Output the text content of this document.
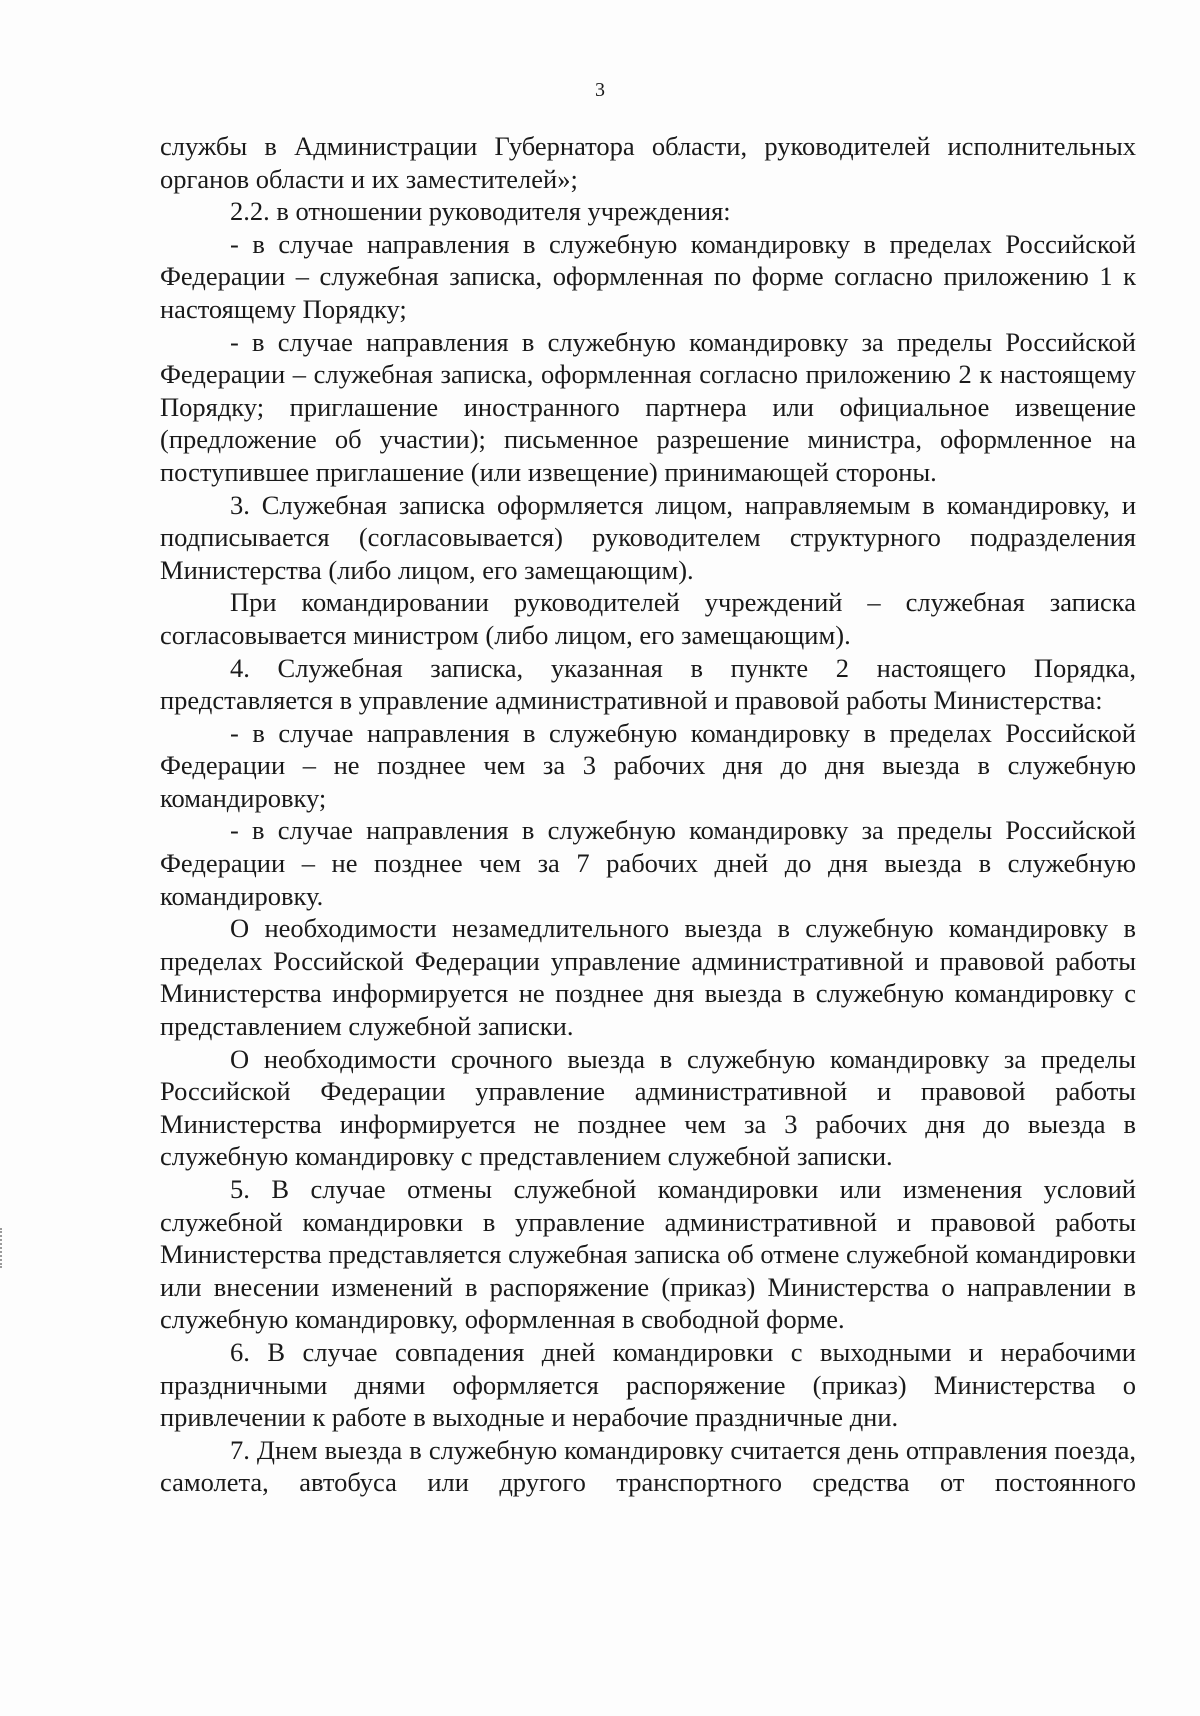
3

службы в Администрации Губернатора области, руководителей исполнительных органов области и их заместителей»;

2.2. в отношении руководителя учреждения:

- в случае направления в служебную командировку в пределах Российской Федерации – служебная записка, оформленная по форме согласно приложению 1 к настоящему Порядку;

- в случае направления в служебную командировку за пределы Российской Федерации – служебная записка, оформленная согласно приложению 2 к настоящему Порядку; приглашение иностранного партнера или официальное извещение (предложение об участии); письменное разрешение министра, оформленное на поступившее приглашение (или извещение) принимающей стороны.

3. Служебная записка оформляется лицом, направляемым в командировку, и подписывается (согласовывается) руководителем структурного подразделения Министерства (либо лицом, его замещающим).

При командировании руководителей учреждений – служебная записка согласовывается министром (либо лицом, его замещающим).

4. Служебная записка, указанная в пункте 2 настоящего Порядка, представляется в управление административной и правовой работы Министерства:

- в случае направления в служебную командировку в пределах Российской Федерации – не позднее чем за 3 рабочих дня до дня выезда в служебную командировку;

- в случае направления в служебную командировку за пределы Российской Федерации – не позднее чем за 7 рабочих дней до дня выезда в служебную командировку.

О необходимости незамедлительного выезда в служебную командировку в пределах Российской Федерации управление административной и правовой работы Министерства информируется не позднее дня выезда в служебную командировку с представлением служебной записки.

О необходимости срочного выезда в служебную командировку за пределы Российской Федерации управление административной и правовой работы Министерства информируется не позднее чем за 3 рабочих дня до выезда в служебную командировку с представлением служебной записки.

5. В случае отмены служебной командировки или изменения условий служебной командировки в управление административной и правовой работы Министерства представляется служебная записка об отмене служебной командировки или внесении изменений в распоряжение (приказ) Министерства о направлении в служебную командировку, оформленная в свободной форме.

6. В случае совпадения дней командировки с выходными и нерабочими праздничными днями оформляется распоряжение (приказ) Министерства о привлечении к работе в выходные и нерабочие праздничные дни.

7. Днем выезда в служебную командировку считается день отправления поезда, самолета, автобуса или другого транспортного средства от постоянного
